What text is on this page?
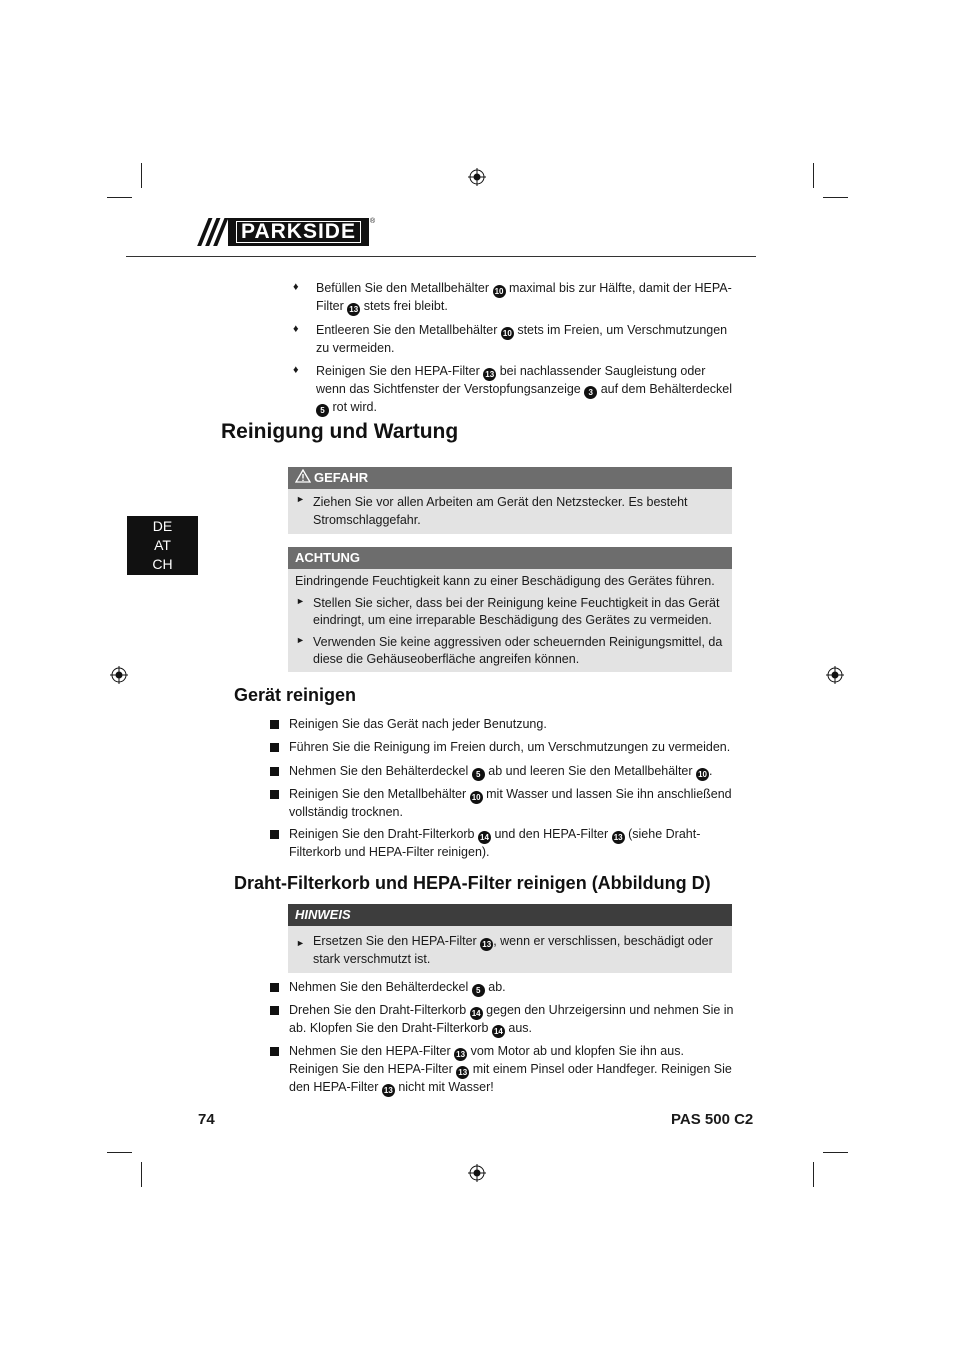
PARKSIDE	®
DE
AT
CH
♦ Befüllen Sie den Metallbehälter 10 maximal bis zur Hälfte, damit der HEPA-Filter 13 stets frei bleibt.
♦ Entleeren Sie den Metallbehälter 10 stets im Freien, um Verschmutzungen zu vermeiden.
♦ Reinigen Sie den HEPA-Filter 13 bei nachlassender Saugleistung oder wenn das Sichtfenster der Verstopfungsanzeige 3 auf dem Behälterdeckel 5 rot wird.
Reinigung und Wartung
GEFAHR
► Ziehen Sie vor allen Arbeiten am Gerät den Netzstecker. Es besteht Stromschlaggefahr.
ACHTUNG
Eindringende Feuchtigkeit kann zu einer Beschädigung des Gerätes führen.
► Stellen Sie sicher, dass bei der Reinigung keine Feuchtigkeit in das Gerät eindringt, um eine irreparable Beschädigung des Gerätes zu vermeiden.
► Verwenden Sie keine aggressiven oder scheuernden Reinigungsmittel, da diese die Gehäuseoberfläche angreifen können.
Gerät reinigen
Reinigen Sie das Gerät nach jeder Benutzung.
Führen Sie die Reinigung im Freien durch, um Verschmutzungen zu vermeiden.
Nehmen Sie den Behälterdeckel 5 ab und leeren Sie den Metallbehälter 10 .
Reinigen Sie den Metallbehälter 10 mit Wasser und lassen Sie ihn anschließend vollständig trocknen.
Reinigen Sie den Draht-Filterkorb 14 und den HEPA-Filter 13 (siehe Draht-Filterkorb und HEPA-Filter reinigen).
Draht-Filterkorb und HEPA-Filter reinigen (Abbildung D)
HINWEIS
► Ersetzen Sie den HEPA-Filter 13 , wenn er verschlissen, beschädigt oder stark verschmutzt ist.
Nehmen Sie den Behälterdeckel 5 ab.
Drehen Sie den Draht-Filterkorb 14 gegen den Uhrzeigersinn und nehmen Sie in ab. Klopfen Sie den Draht-Filterkorb 14 aus.
Nehmen Sie den HEPA-Filter 13 vom Motor ab und klopfen Sie ihn aus. Reinigen Sie den HEPA-Filter 13 mit einem Pinsel oder Handfeger. Reinigen Sie den HEPA-Filter 13 nicht mit Wasser!
74	PAS 500 C2
